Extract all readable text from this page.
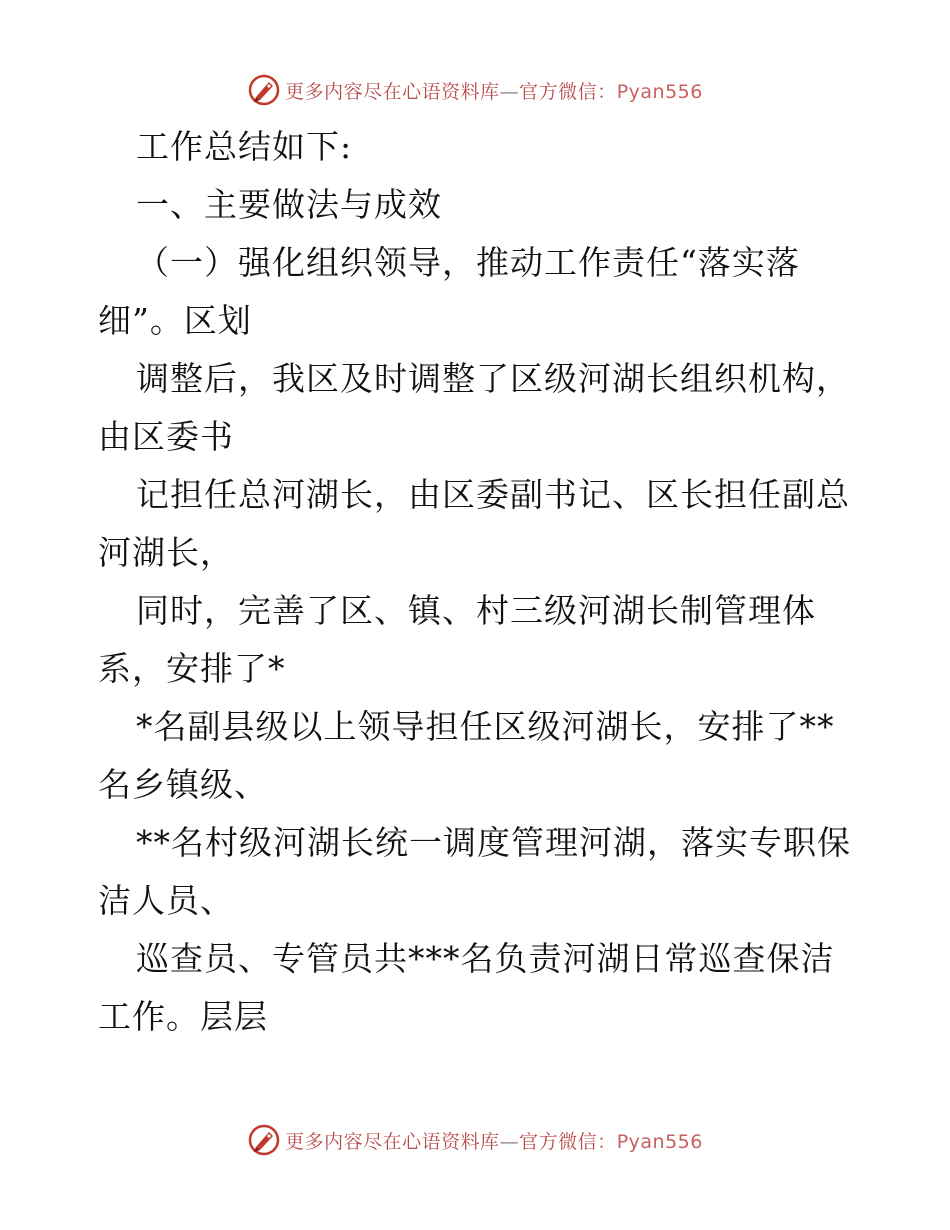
更多内容尽在心语资料库—官方微信：Pyan556
工作总结如下:
一、主要做法与成效
（一）强化组织领导，推动工作责任“落实落
细”。区划
调整后，我区及时调整了区级河湖长组织机构，
由区委书
记担任总河湖长，由区委副书记、区长担任副总
河湖长，
同时，完善了区、镇、村三级河湖长制管理体
系，安排了*
*名副县级以上领导担任区级河湖长，安排了**
名乡镇级、
**名村级河湖长统一调度管理河湖，落实专职保
洁人员、
巡查员、专管员共***名负责河湖日常巡查保洁
工作。层层
更多内容尽在心语资料库—官方微信：Pyan556
